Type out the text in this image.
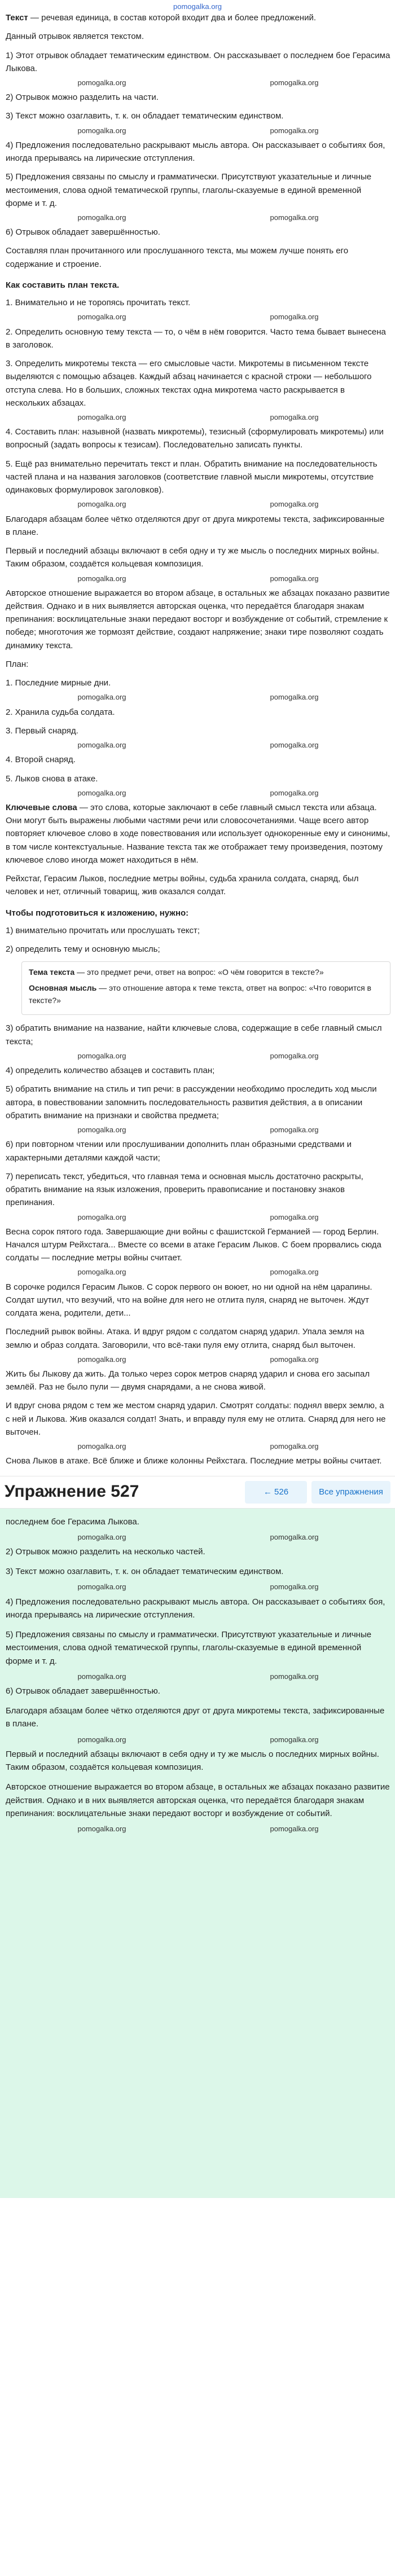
pomogalka.org

Текст — речевая единица, в состав которой входит два и более предложений.

Данный отрывок является текстом.

1) Этот отрывок обладает тематическим единством. Он рассказывает о последнем бое Герасима Лыкова.

pomogalka.org	pomogalka.org

2) Отрывок можно разделить на части.

3) Текст можно озаглавить, т. к. он обладает тематическим единством.

pomogalka.org	pomogalka.org

4) Предложения последовательно раскрывают мысль автора. Он рассказывает о событиях боя, иногда прерываясь на лирические отступления.

5) Предложения связаны по смыслу и грамматически. Присутствуют указательные и личные местоимения, слова одной тематической группы, глаголы-сказуемые в единой временной форме и т. д.

pomogalka.org	pomogalka.org

6) Отрывок обладает завершённостью.

Составляя план прочитанного или прослушанного текста, мы можем лучше понять его содержание и строение.

Как составить план текста.

1. Внимательно и не торопясь прочитать текст.

pomogalka.org	pomogalka.org

2. Определить основную тему текста — то, о чём в нём говорится. Часто тема бывает вынесена в заголовок.

3. Определить микротемы текста — его смысловые части. Микротемы в письменном тексте выделяются с помощью абзацев. Каждый абзац начинается с красной строки — небольшого отступа слева. Но в больших, сложных текстах одна микротема часто раскрывается в нескольких абзацах.

pomogalka.org	pomogalka.org

4. Составить план: назывной (назвать микротемы), тезисный (сформулировать микротемы) или вопросный (задать вопросы к тезисам). Последовательно записать пункты.

5. Ещё раз внимательно перечитать текст и план. Обратить внимание на последовательность частей плана и на названия заголовков (соответствие главной мысли микротемы, отсутствие одинаковых формулировок заголовков).

pomogalka.org	pomogalka.org

Благодаря абзацам более чётко отделяются друг от друга микротемы текста, зафиксированные в плане.

Первый и последний абзацы включают в себя одну и ту же мысль о последних мирных войны. Таким образом, создаётся кольцевая композиция.

pomogalka.org	pomogalka.org

Авторское отношение выражается во втором абзаце, в остальных же абзацах показано развитие действия. Однако и в них выявляется авторская оценка, что передаётся благодаря знакам препинания: восклицательные знаки передают восторг и возбуждение от событий, стремление к победе; многоточия же тормозят действие, создают напряжение; знаки тире позволяют создать динамику текста.

План:

1. Последние мирные дни.

pomogalka.org	pomogalka.org

2. Хранила судьба солдата.

3. Первый снаряд.

pomogalka.org	pomogalka.org

4. Второй снаряд.

5. Лыков снова в атаке.

pomogalka.org	pomogalka.org

Ключевые слова — это слова, которые заключают в себе главный смысл текста или абзаца. Они могут быть выражены любыми частями речи или словосочетаниями. Чаще всего автор повторяет ключевое слово в ходе повествования или использует однокоренные ему и синонимы, в том числе контекстуальные. Название текста так же отображает тему произведения, поэтому ключевое слово иногда может находиться в нём.

Рейхстаг, Герасим Лыков, последние метры войны, судьба хранила солдата, снаряд, был человек и нет, отличный товарищ, жив оказался солдат.

Чтобы подготовиться к изложению, нужно:

1) внимательно прочитать или прослушать текст;

2) определить тему и основную мысль;

Тема текста — это предмет речи, ответ на вопрос: «О чём говорится в тексте?»

Основная мысль — это отношение автора к теме текста, ответ на вопрос: «Что говорится в тексте?»

3) обратить внимание на название, найти ключевые слова, содержащие в себе главный смысл текста;

pomogalka.org	pomogalka.org

4) определить количество абзацев и составить план;

5) обратить внимание на стиль и тип речи: в рассуждении необходимо проследить ход мысли автора, в повествовании запомнить последовательность развития действия, а в описании обратить внимание на признаки и свойства предмета;

pomogalka.org	pomogalka.org

6) при повторном чтении или прослушивании дополнить план образными средствами и характерными деталями каждой части;

7) переписать текст, убедиться, что главная тема и основная мысль достаточно раскрыты, обратить внимание на язык изложения, проверить правописание и постановку знаков препинания.

pomogalka.org	pomogalka.org

Весна сорок пятого года. Завершающие дни войны с фашистской Германией — город Берлин. Начался штурм Рейхстага... Вместе со всеми в атаке Герасим Лыков. С боем прорвались сюда солдаты — последние метры войны считает.

pomogalka.org	pomogalka.org

В сорочке родился Герасим Лыков. С сорок первого он воюет, но ни одной на нём царапины. Солдат шутил, что везучий, что на войне для него не отлита пуля, снаряд не выточен. Ждут солдата жена, родители, дети...

Последний рывок войны. Атака. И вдруг рядом с солдатом снаряд ударил. Упала земля на землю и образ солдата. Заговорили, что всё-таки пуля ему отлита, снаряд был выточен.

pomogalka.org	pomogalka.org

Жить бы Лыкову да жить. Да только через сорок метров снаряд ударил и снова его засыпал землёй. Раз не было пули — двумя снарядами, а не снова живой.

И вдруг снова рядом с тем же местом снаряд ударил. Смотрят солдаты: поднял вверх землю, а с ней и Лыкова. Жив оказался солдат! Знать, и вправду пуля ему не отлита. Снаряд для него не выточен.

pomogalka.org	pomogalka.org

Снова Лыков в атаке. Всё ближе и ближе колонны Рейхстага. Последние метры войны считает.

Упражнение 527	← 526	Все упражнения

последнем бое Герасима Лыкова.

pomogalka.org	pomogalka.org

2) Отрывок можно разделить на несколько частей.

3) Текст можно озаглавить, т. к. он обладает тематическим единством.

pomogalka.org	pomogalka.org

4) Предложения последовательно раскрывают мысль автора. Он рассказывает о событиях боя, иногда прерываясь на лирические отступления.

5) Предложения связаны по смыслу и грамматически. Присутствуют указательные и личные местоимения, слова одной тематической группы, глаголы-сказуемые в единой временной форме и т. д.

pomogalka.org	pomogalka.org

6) Отрывок обладает завершённостью.

Благодаря абзацам более чётко отделяются друг от друга микротемы текста, зафиксированные в плане.

pomogalka.org	pomogalka.org

Первый и последний абзацы включают в себя одну и ту же мысль о последних мирных войны. Таким образом, создаётся кольцевая композиция.

Авторское отношение выражается во втором абзаце, в остальных же абзацах показано развитие действия. Однако и в них выявляется авторская оценка, что передаётся благодаря знакам препинания: восклицательные знаки передают восторг и возбуждение от событий.

pomogalka.org	pomogalka.org
